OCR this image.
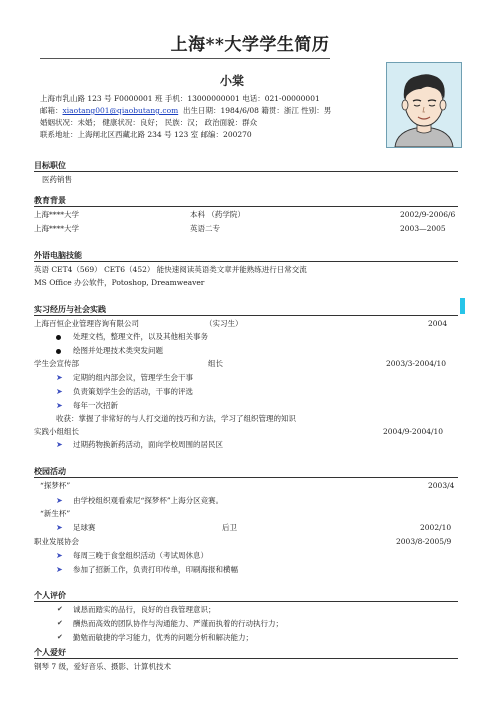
上海**大学学生简历
小棠
上海市乳山路 123 号 F0000001 班 手机：13000000001 电话：021-00000001
邮箱：xiaotang001@qiaobutang.com 出生日期：1984/6/08 籍贯：浙江 性别：男
婚姻状况：未婚； 健康状况：良好； 民族：汉； 政治面貌：群众
联系地址：上海闸北区西藏北路 234 号 123 室 邮编：200270
目标职位
医药销售
教育背景
上海****大学	本科 （药学院）	2002/9-2006/6
上海****大学	英语二专	2003—2005
外语电脑技能
英语 CET4（569） CET6（452） 能快速阅读英语类文章并能熟练进行日常交流
MS Office 办公软件，Potoshop, Dreamweaver
实习经历与社会实践
上海百恒企业管理咨询有限公司	（实习生）	2004
处理文档，整理文件，以及其他相关事务
绘图并处理技术类突发问题
学生会宣传部	组长	2003/3-2004/10
➤ 定期的组内部会议，管理学生会干事
➤ 负责策划学生会的活动，干事的评选
➤ 每年一次招新
收获：掌握了非常好的与人打交道的技巧和方法，学习了组织管理的知识
实践小组组长	2004/9-2004/10
➤ 过期药物换新药活动，面向学校周围的居民区
校园活动
“探梦杯”	2003/4
➤ 由学校组织观看索尼“探梦杯”上海分区竞赛。
“新生杯”
➤ 足球赛	后卫	2002/10
职业发展协会	2003/8-2005/9
➤ 每周三晚于食堂组织活动（考试周休息）
➤ 参加了招新工作，负责打印传单，印刷海报和横幅
个人评价
✔ 诚恳而踏实的品行，良好的自我管理意识；
✔ 酬热而高效的团队协作与沟通能力、严谨而执着的行动执行力；
✔ 勤勉而敏捷的学习能力，优秀的问题分析和解决能力；
个人爱好
钢琴 7 级，爱好音乐、摄影、计算机技术
